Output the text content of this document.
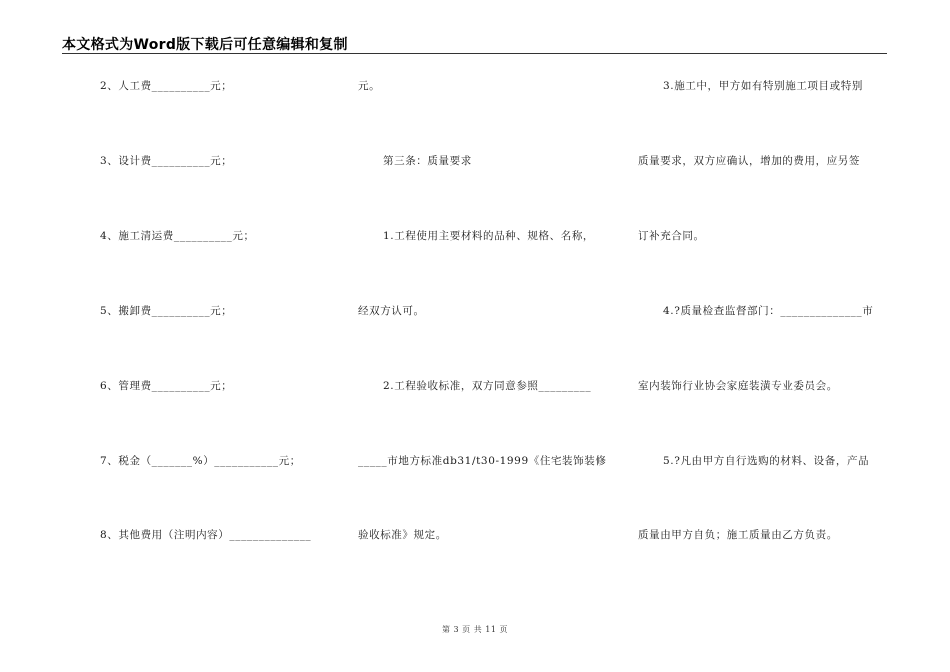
本文格式为Word版下载后可任意编辑和复制
2、人工费__________元；
3、设计费__________元；
4、施工清运费__________元；
5、搬卸费__________元；
6、管理费__________元；
7、税金（_______%）___________元；
8、其他费用（注明内容）______________
元。
第三条：质量要求
1.工程使用主要材料的品种、规格、名称，
经双方认可。
2.工程验收标准，双方同意参照_________
_____市地方标准db31/t30-1999《住宅装饰装修
验收标准》规定。
3.施工中，甲方如有特别施工项目或特别
质量要求，双方应确认，增加的费用，应另签
订补充合同。
4.?质量检查监督部门：______________市
室内装饰行业协会家庭装潢专业委员会。
5.?凡由甲方自行选购的材料、设备，产品
质量由甲方自负；施工质量由乙方负责。
第 3 页 共 11 页
